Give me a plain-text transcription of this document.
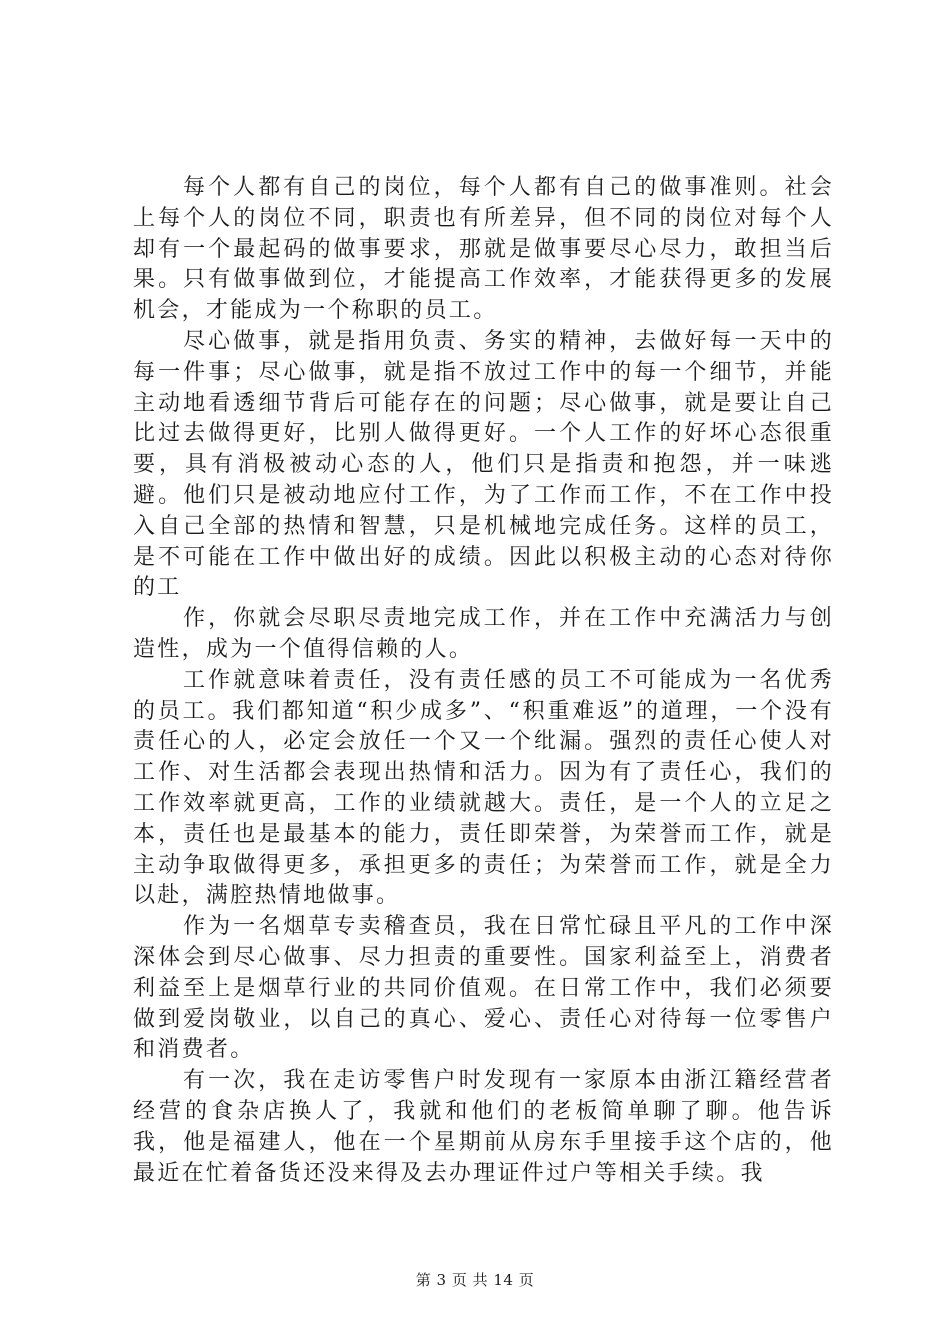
每个人都有自己的岗位，每个人都有自己的做事准则。社会上每个人的岗位不同，职责也有所差异，但不同的岗位对每个人却有一个最起码的做事要求，那就是做事要尽心尽力，敢担当后果。只有做事做到位，才能提高工作效率，才能获得更多的发展机会，才能成为一个称职的员工。

尽心做事，就是指用负责、务实的精神，去做好每一天中的每一件事；尽心做事，就是指不放过工作中的每一个细节，并能主动地看透细节背后可能存在的问题；尽心做事，就是要让自己比过去做得更好，比别人做得更好。一个人工作的好坏心态很重要，具有消极被动心态的人，他们只是指责和抱怨，并一味逃避。他们只是被动地应付工作，为了工作而工作，不在工作中投入自己全部的热情和智慧，只是机械地完成任务。这样的员工，是不可能在工作中做出好的成绩。因此以积极主动的心态对待你的工

作，你就会尽职尽责地完成工作，并在工作中充满活力与创造性，成为一个值得信赖的人。

工作就意味着责任，没有责任感的员工不可能成为一名优秀的员工。我们都知道“积少成多”、“积重难返”的道理，一个没有责任心的人，必定会放任一个又一个纰漏。强烈的责任心使人对工作、对生活都会表现出热情和活力。因为有了责任心，我们的工作效率就更高，工作的业绩就越大。责任，是一个人的立足之本，责任也是最基本的能力，责任即荣誉，为荣誉而工作，就是主动争取做得更多，承担更多的责任；为荣誉而工作，就是全力以赴，满腔热情地做事。

作为一名烟草专卖稽查员，我在日常忙碌且平凡的工作中深深体会到尽心做事、尽力担责的重要性。国家利益至上，消费者利益至上是烟草行业的共同价值观。在日常工作中，我们必须要做到爱岗敬业，以自己的真心、爱心、责任心对待每一位零售户和消费者。

有一次，我在走访零售户时发现有一家原本由浙江籍经营者经营的食杂店换人了，我就和他们的老板简单聊了聊。他告诉我，他是福建人，他在一个星期前从房东手里接手这个店的，他最近在忙着备货还没来得及去办理证件过户等相关手续。我

第 3 页 共 14 页
